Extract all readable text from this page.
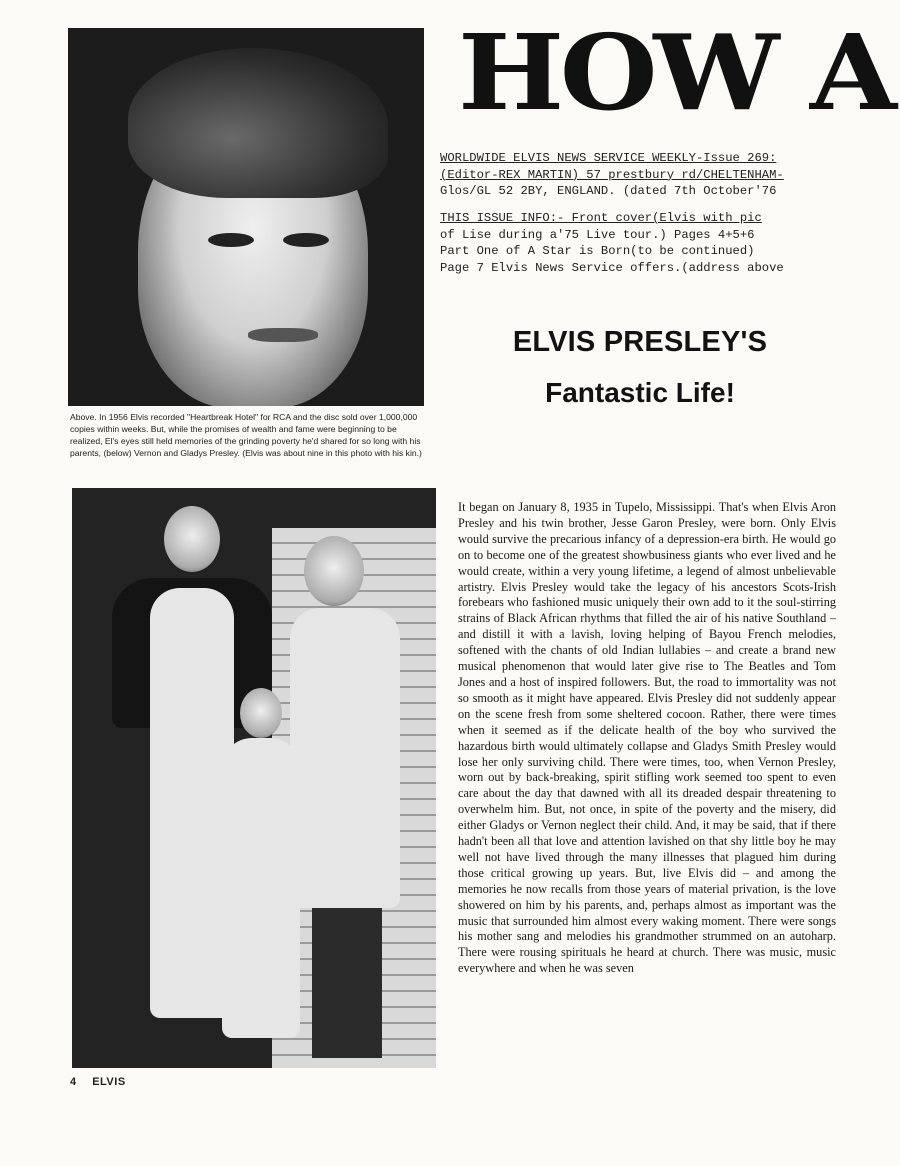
Above. In 1956 Elvis recorded "Heartbreak Hotel" for RCA and the disc sold over 1,000,000 copies within weeks. But, while the promises of wealth and fame were beginning to be realized, El's eyes still held memories of the grinding poverty he'd shared for so long with his parents, (below) Vernon and Gladys Presley. (Elvis was about nine in this photo with his kin.)

HOW A
WORLDWIDE ELVIS NEWS SERVICE WEEKLY-Issue 269:
(Editor-REX MARTIN) 57 prestbury rd/CHELTENHAM-
Glos/GL 52 2BY, ENGLAND. (dated 7th October'76
THIS ISSUE INFO:- Front cover(Elvis with pic
of Lise during a'75 Live tour.) Pages 4+5+6
Part One of A Star is Born(to be continued)
Page 7 Elvis News Service offers.(address above
ELVIS PRESLEY'S
Fantastic Life!

It began on January 8, 1935 in Tupelo, Mississippi. That's when Elvis Aron Presley and his twin brother, Jesse Garon Presley, were born. Only Elvis would survive the precarious infancy of a depression-era birth. He would go on to become one of the greatest showbusiness giants who ever lived and he would create, within a very young lifetime, a legend of almost unbelievable artistry. Elvis Presley would take the legacy of his ancestors Scots-Irish forebears who fashioned music uniquely their own add to it the soul-stirring strains of Black African rhythms that filled the air of his native Southland – and distill it with a lavish, loving helping of Bayou French melodies, softened with the chants of old Indian lullabies – and create a brand new musical phenomenon that would later give rise to The Beatles and Tom Jones and a host of inspired followers. But, the road to immortality was not so smooth as it might have appeared. Elvis Presley did not suddenly appear on the scene fresh from some sheltered cocoon. Rather, there were times when it seemed as if the delicate health of the boy who survived the hazardous birth would ultimately collapse and Gladys Smith Presley would lose her only surviving child. There were times, too, when Vernon Presley, worn out by back-breaking, spirit stifling work seemed too spent to even care about the day that dawned with all its dreaded despair threatening to overwhelm him. But, not once, in spite of the poverty and the misery, did either Gladys or Vernon neglect their child. And, it may be said, that if there hadn't been all that love and attention lavished on that shy little boy he may well not have lived through the many illnesses that plagued him during those critical growing up years. But, live Elvis did – and among the memories he now recalls from those years of material privation, is the love showered on him by his parents, and, perhaps almost as important was the music that surrounded him almost every waking moment. There were songs his mother sang and melodies his grandmother strummed on an autoharp. There were rousing spirituals he heard at church. There was music, music everywhere and when he was seven

4 ELVIS
